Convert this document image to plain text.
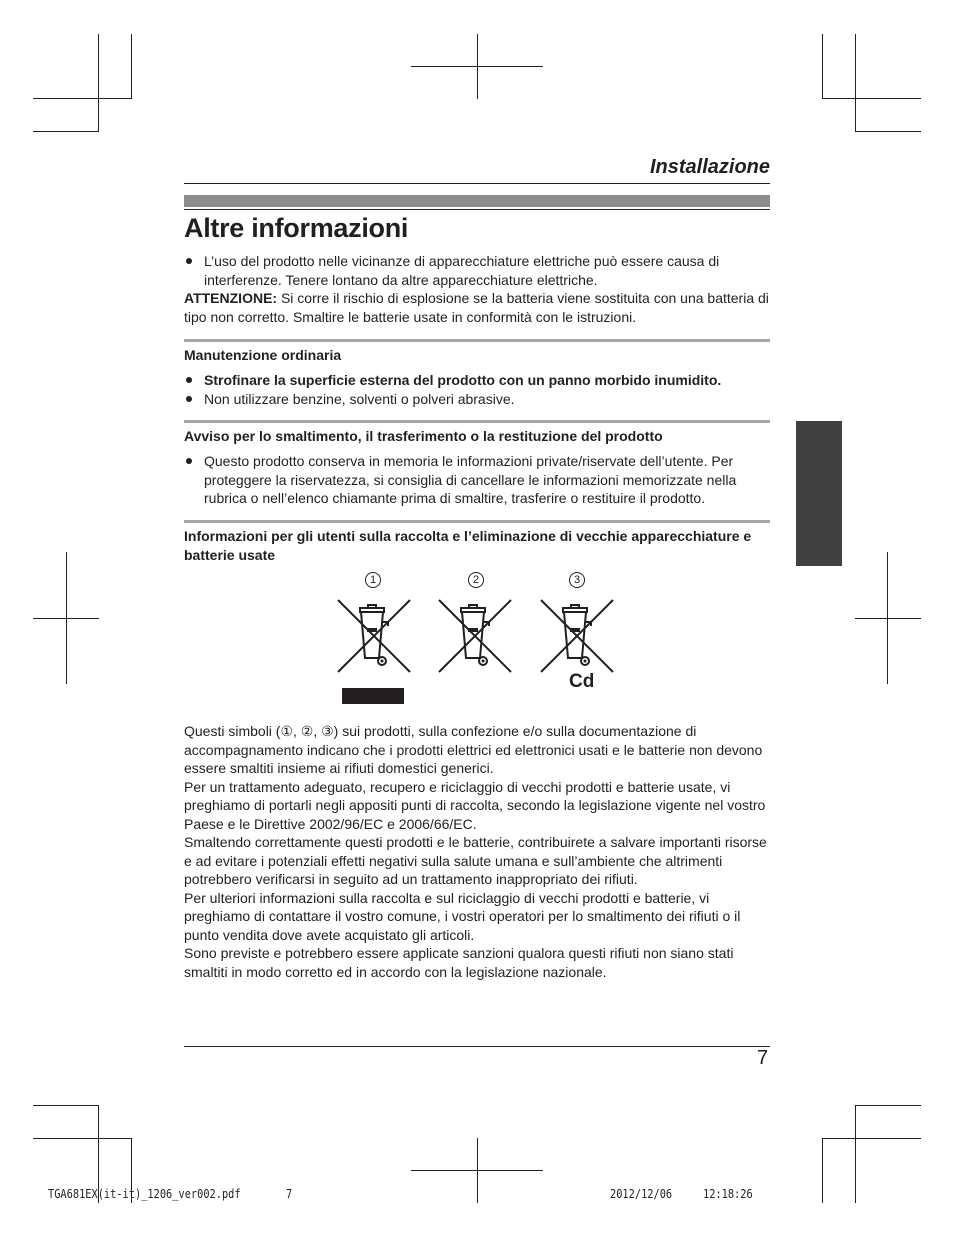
Installazione
Altre informazioni
L’uso del prodotto nelle vicinanze di apparecchiature elettriche può essere causa di interferenze. Tenere lontano da altre apparecchiature elettriche.
ATTENZIONE: Si corre il rischio di esplosione se la batteria viene sostituita con una batteria di tipo non corretto. Smaltire le batterie usate in conformità con le istruzioni.
Manutenzione ordinaria
Strofinare la superficie esterna del prodotto con un panno morbido inumidito.
Non utilizzare benzine, solventi o polveri abrasive.
Avviso per lo smaltimento, il trasferimento o la restituzione del prodotto
Questo prodotto conserva in memoria le informazioni private/riservate dell’utente. Per proteggere la riservatezza, si consiglia di cancellare le informazioni memorizzate nella rubrica o nell’elenco chiamante prima di smaltire, trasferire o restituire il prodotto.
Informazioni per gli utenti sulla raccolta e l’eliminazione di vecchie apparecchiature e batterie usate
Questi simboli (①, ②, ③) sui prodotti, sulla confezione e/o sulla documentazione di accompagnamento indicano che i prodotti elettrici ed elettronici usati e le batterie non devono essere smaltiti insieme ai rifiuti domestici generici.
Per un trattamento adeguato, recupero e riciclaggio di vecchi prodotti e batterie usate, vi preghiamo di portarli negli appositi punti di raccolta, secondo la legislazione vigente nel vostro Paese e le Direttive 2002/96/EC e 2006/66/EC.
Smaltendo correttamente questi prodotti e le batterie, contribuirete a salvare importanti risorse e ad evitare i potenziali effetti negativi sulla salute umana e sull’ambiente che altrimenti potrebbero verificarsi in seguito ad un trattamento inappropriato dei rifiuti.
Per ulteriori informazioni sulla raccolta e sul riciclaggio di vecchi prodotti e batterie, vi preghiamo di contattare il vostro comune, i vostri operatori per lo smaltimento dei rifiuti o il punto vendita dove avete acquistato gli articoli.
Sono previste e potrebbero essere applicate sanzioni qualora questi rifiuti non siano stati smaltiti in modo corretto ed in accordo con la legislazione nazionale.
1	2	3
Cd
7
TGA681EX(it-it)_1206_ver002.pdf	7	2012/12/06	12:18:26
